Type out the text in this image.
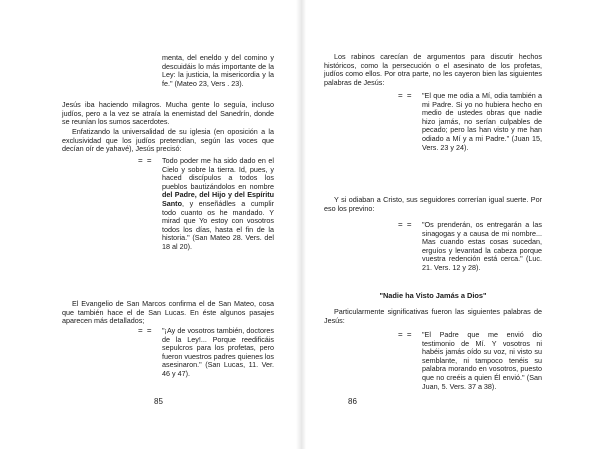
menta, del eneldo y del comino y descuidáis lo más importante de la Ley: la justicia, la misericordia y la fe." (Mateo 23, Vers . 23).

Jesús iba haciendo milagros. Mucha gente lo seguía, incluso judíos, pero a la vez se atraía la enemistad del Sanedrín, donde se reunían los sumos sacerdotes.

Enfatizando la universalidad de su iglesia (en oposición a la exclusividad que los judíos pretendían, según las voces que decían oír de yahavé), Jesús precisó:

= = Todo poder me ha sido dado en el Cielo y sobre la tierra. Id, pues, y haced discípulos a todos los pueblos bautizándolos en nombre del Padre, del Hijo y del Espíritu Santo, y enseñádles a cumplir todo cuanto os he mandado. Y mirad que Yo estoy con vosotros todos los días, hasta el fin de la historia." (San Mateo 28. Vers. del 18 al 20).

El Evangelio de San Marcos confirma el de San Mateo, cosa que también hace el de San Lucas. En éste algunos pasajes aparecen más detallados;

= = "¡Ay de vosotros también, doctores de la Ley!... Porque reedificáis sepulcros para los profetas, pero fueron vuestros padres quienes los asesinaron." (San Lucas, 11. Ver. 46 y 47).
85

Los rabinos carecían de argumentos para discutir hechos históricos, como la persecución o el asesinato de los profetas, judíos como ellos. Por otra parte, no les cayeron bien las siguientes palabras de Jesús:

= = "El que me odia a Mí, odia también a mi Padre. Si yo no hubiera hecho en medio de ustedes obras que nadie hizo jamás, no serían culpables de pecado; pero las han visto y me han odiado a Mí y a mi Padre." (Juan 15, Vers. 23 y 24).

Y si odiaban a Cristo, sus seguidores correrían igual suerte. Por eso los previno:

= = "Os prenderán, os entregarán a las sinagogas y a causa de mi nombre... Mas cuando estas cosas sucedan, erguíos y levantad la cabeza porque vuestra redención está cerca." (Luc. 21. Vers. 12 y 28).
"Nadie ha Visto Jamás a Dios"

Particularmente significativas fueron las siguientes palabras de Jesús:

= = "El Padre que me envió dio testimonio de Mí. Y vosotros ni habéis jamás oído su voz, ni visto su semblante, ni tampoco tenéis su palabra morando en vosotros, puesto que no creéis a quien Él envió." (San Juan, 5. Vers. 37 a 38).
86
